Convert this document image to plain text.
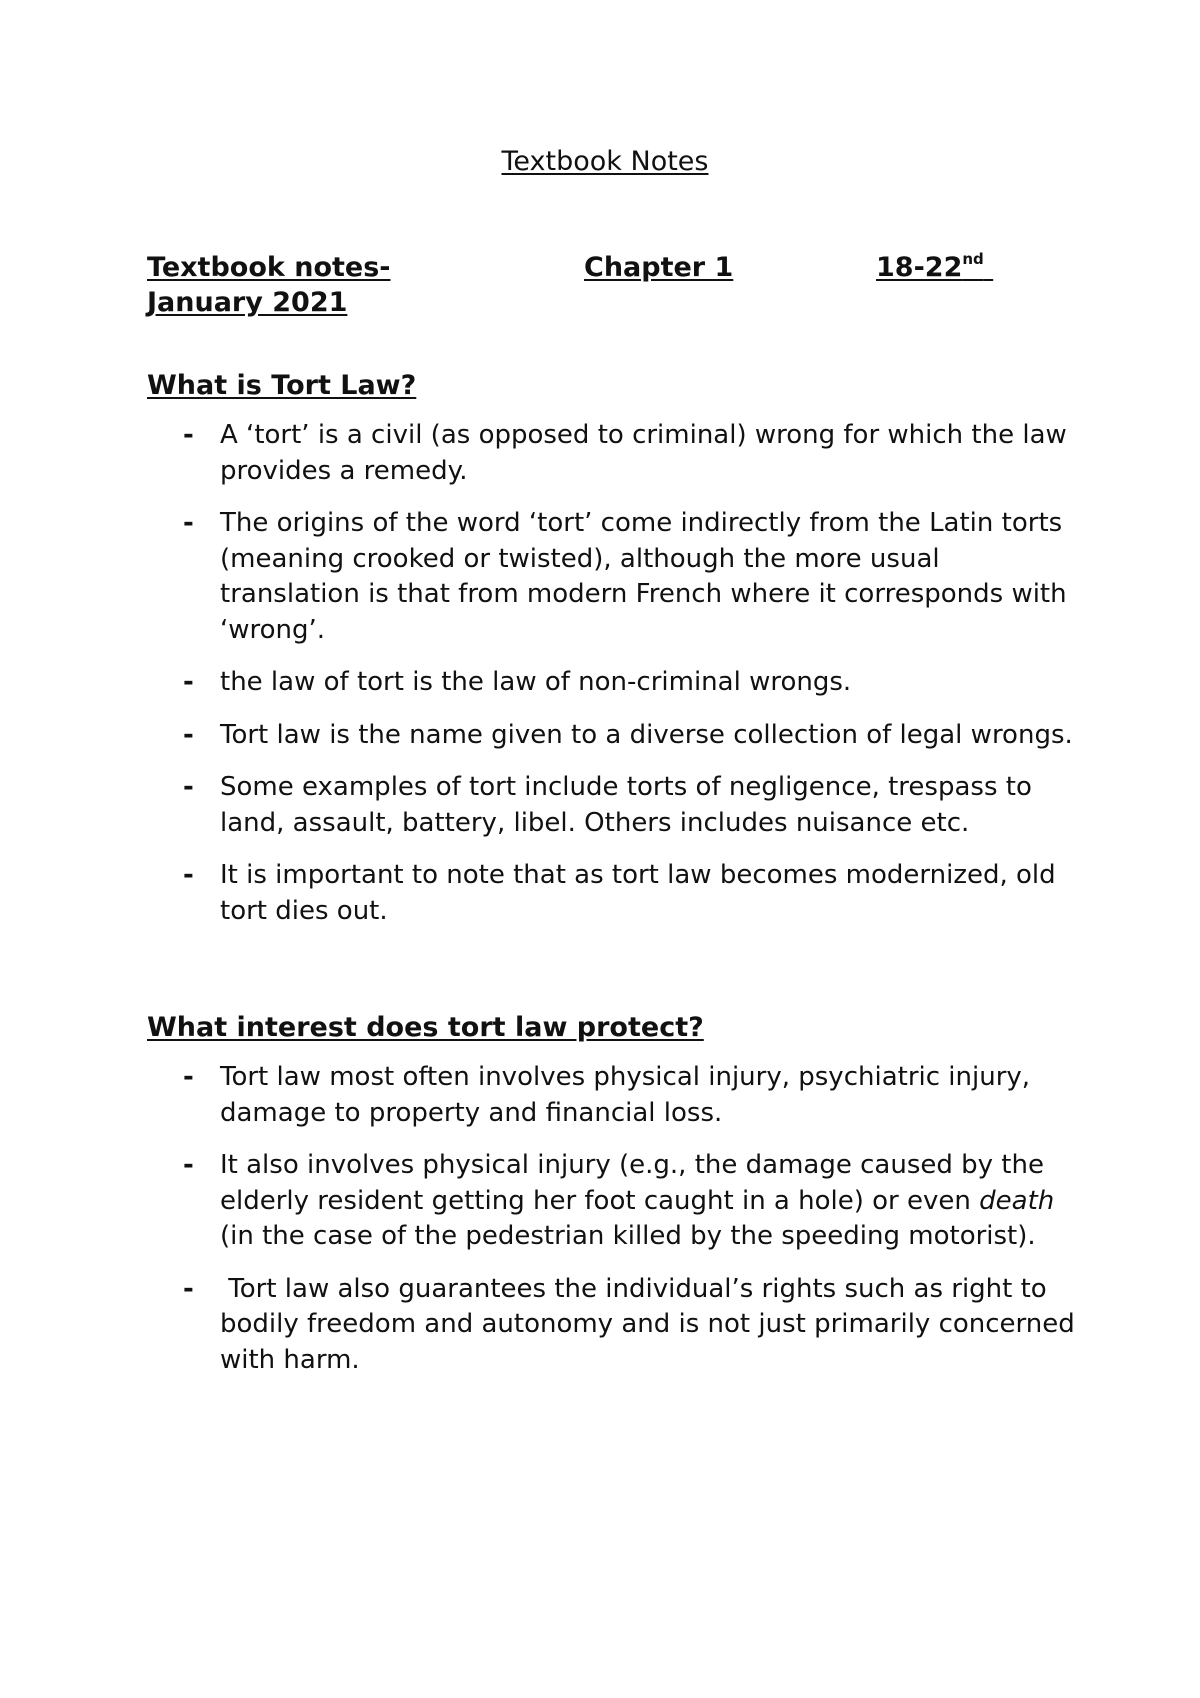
Textbook Notes
Textbook notes-	Chapter 1	18-22nd
January 2021
What is Tort Law?
- A ‘tort’ is a civil (as opposed to criminal) wrong for which the law provides a remedy.
- The origins of the word ‘tort’ come indirectly from the Latin torts (meaning crooked or twisted), although the more usual translation is that from modern French where it corresponds with ‘wrong’.
- the law of tort is the law of non-criminal wrongs.
- Tort law is the name given to a diverse collection of legal wrongs.
- Some examples of tort include torts of negligence, trespass to land, assault, battery, libel. Others includes nuisance etc.
- It is important to note that as tort law becomes modernized, old tort dies out.
What interest does tort law protect?
- Tort law most often involves physical injury, psychiatric injury, damage to property and financial loss.
- It also involves physical injury (e.g., the damage caused by the elderly resident getting her foot caught in a hole) or even death (in the case of the pedestrian killed by the speeding motorist).
- Tort law also guarantees the individual’s rights such as right to bodily freedom and autonomy and is not just primarily concerned with harm.
